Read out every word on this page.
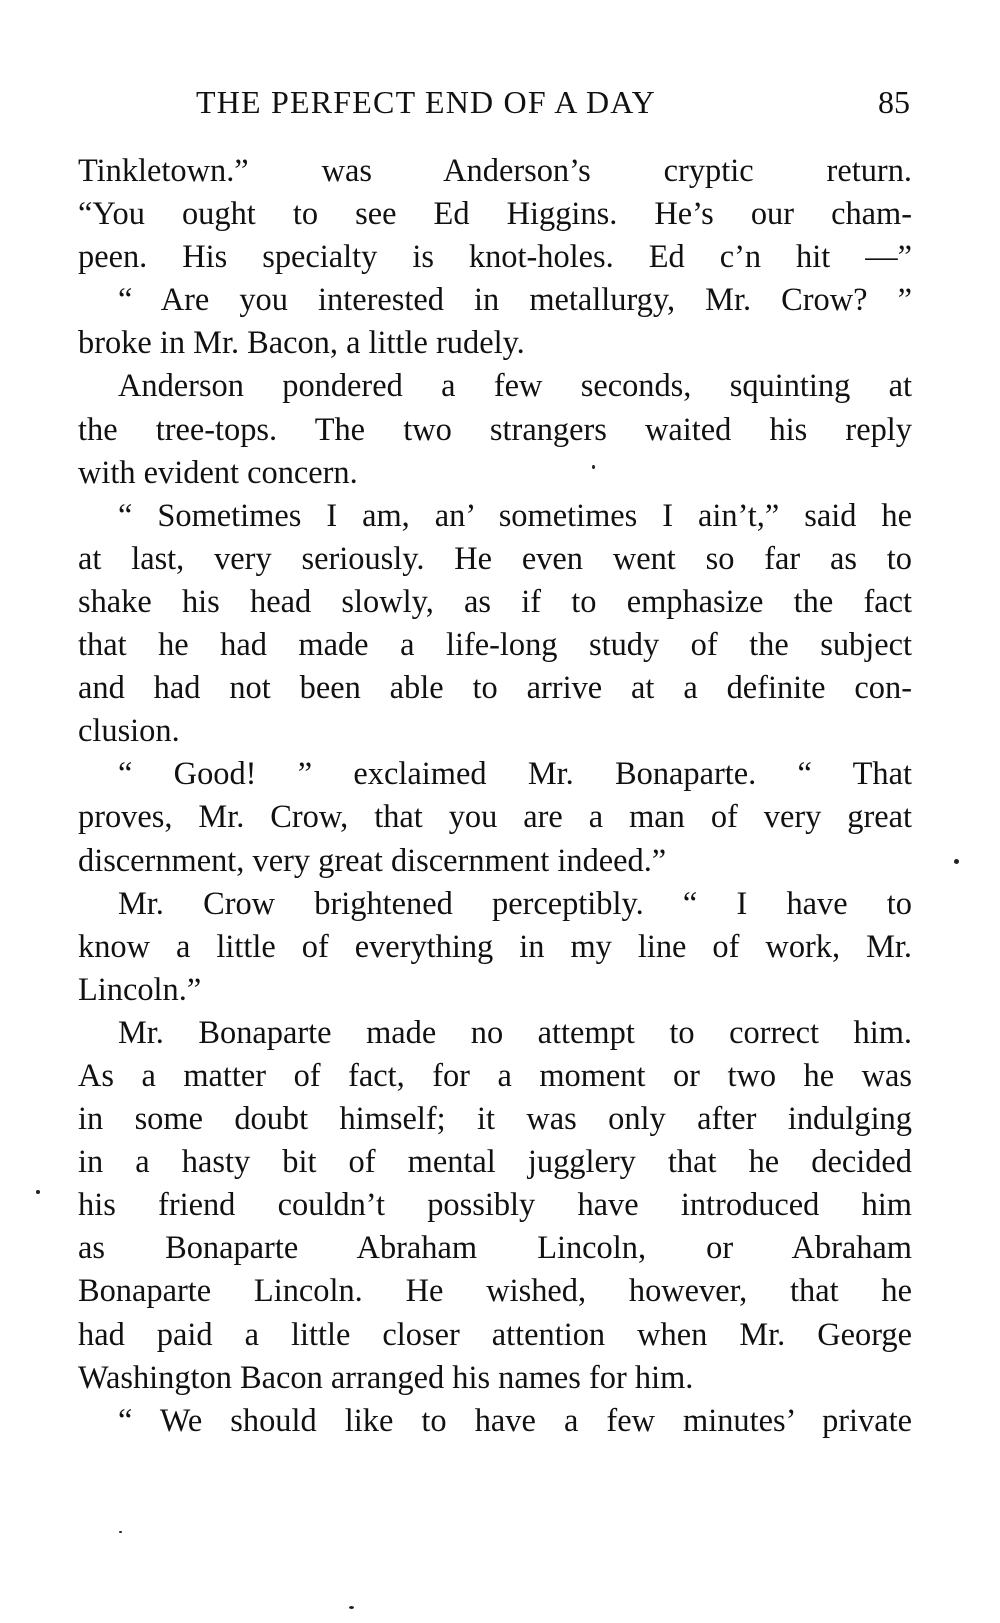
THE PERFECT END OF A DAY	85
Tinkletown.” was Anderson’s cryptic return.
“You ought to see Ed Higgins. He’s our cham-
peen. His specialty is knot-holes. Ed c’n hit —”
“ Are you interested in metallurgy, Mr. Crow? ”
broke in Mr. Bacon, a little rudely.
Anderson pondered a few seconds, squinting at
the tree-tops. The two strangers waited his reply
with evident concern.
“ Sometimes I am, an’ sometimes I ain’t,” said he
at last, very seriously. He even went so far as to
shake his head slowly, as if to emphasize the fact
that he had made a life-long study of the subject
and had not been able to arrive at a definite con-
clusion.
“ Good! ” exclaimed Mr. Bonaparte. “ That
proves, Mr. Crow, that you are a man of very great
discernment, very great discernment indeed.”
Mr. Crow brightened perceptibly. “ I have to
know a little of everything in my line of work, Mr.
Lincoln.”
Mr. Bonaparte made no attempt to correct him.
As a matter of fact, for a moment or two he was
in some doubt himself; it was only after indulging
in a hasty bit of mental jugglery that he decided
his friend couldn’t possibly have introduced him
as Bonaparte Abraham Lincoln, or Abraham
Bonaparte Lincoln. He wished, however, that he
had paid a little closer attention when Mr. George
Washington Bacon arranged his names for him.
“ We should like to have a few minutes’ private
